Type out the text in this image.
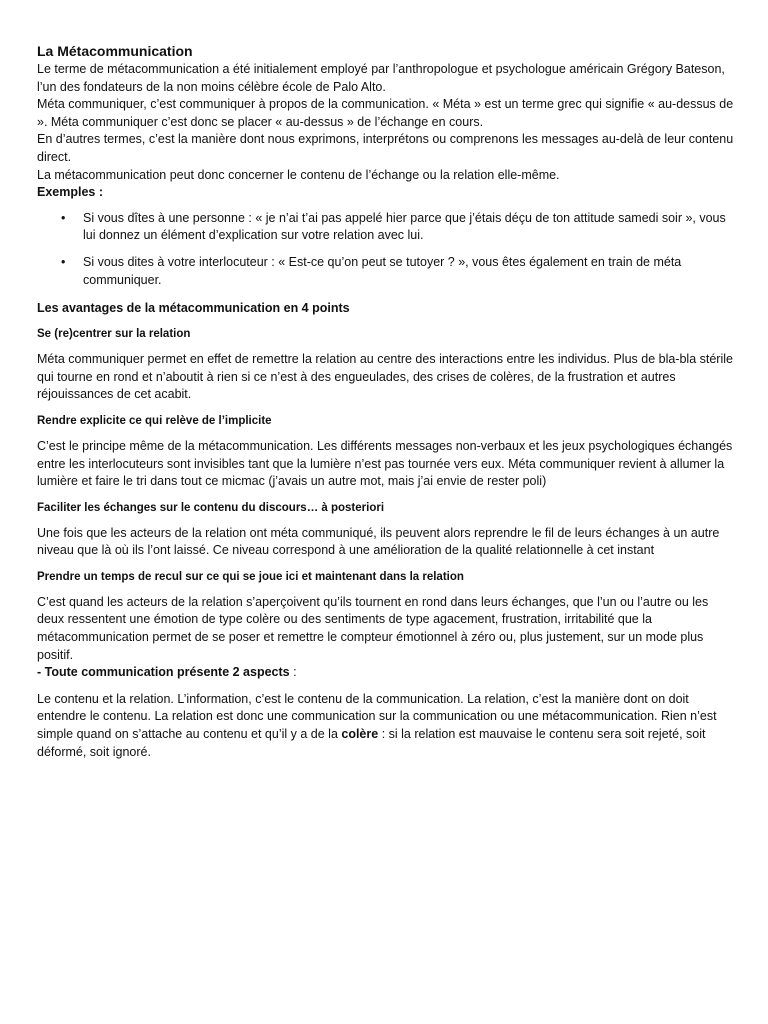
La Métacommunication

Le terme de métacommunication a été initialement employé par l’anthropologue et psychologue américain Grégory Bateson, l’un des fondateurs de la non moins célèbre école de Palo Alto.

Méta communiquer, c’est communiquer à propos de la communication. « Méta » est un terme grec qui signifie « au-dessus de ». Méta communiquer c’est donc se placer « au-dessus » de l’échange en cours.

En d’autres termes, c’est la manière dont nous exprimons, interprétons ou comprenons les messages au-delà de leur contenu direct.

La métacommunication peut donc concerner le contenu de l’échange ou la relation elle-même.

Exemples :

• Si vous dîtes à une personne : « je n’ai t’ai pas appelé hier parce que j’étais déçu de ton attitude samedi soir », vous lui donnez un élément d’explication sur votre relation avec lui.
• Si vous dites à votre interlocuteur : « Est-ce qu’on peut se tutoyer ? », vous êtes également en train de méta communiquer.
Les avantages de la métacommunication en 4 points
Se (re)centrer sur la relation

Méta communiquer permet en effet de remettre la relation au centre des interactions entre les individus. Plus de bla-bla stérile qui tourne en rond et n’aboutit à rien si ce n’est à des engueulades, des crises de colères, de la frustration et autres réjouissances de cet acabit.

Rendre explicite ce qui relève de l’implicite

C’est le principe même de la métacommunication. Les différents messages non-verbaux et les jeux psychologiques échangés entre les interlocuteurs sont invisibles tant que la lumière n’est pas tournée vers eux. Méta communiquer revient à allumer la lumière et faire le tri dans tout ce micmac (j’avais un autre mot, mais j’ai envie de rester poli)

Faciliter les échanges sur le contenu du discours… à posteriori

Une fois que les acteurs de la relation ont méta communiqué, ils peuvent alors reprendre le fil de leurs échanges à un autre niveau que là où ils l’ont laissé. Ce niveau correspond à une amélioration de la qualité relationnelle à cet instant

Prendre un temps de recul sur ce qui se joue ici et maintenant dans la relation

C’est quand les acteurs de la relation s’aperçoivent qu’ils tournent en rond dans leurs échanges, que l’un ou l’autre ou les deux ressentent une émotion de type colère ou des sentiments de type agacement, frustration, irritabilité que la métacommunication permet de se poser et remettre le compteur émotionnel à zéro ou, plus justement, sur un mode plus positif.

- Toute communication présente 2 aspects :

Le contenu et la relation. L’information, c’est le contenu de la communication. La relation, c’est la manière dont on doit entendre le contenu. La relation est donc une communication sur la communication ou une métacommunication. Rien n’est simple quand on s’attache au contenu et qu’il y a de la colère : si la relation est mauvaise le contenu sera soit rejeté, soit déformé, soit ignoré.
